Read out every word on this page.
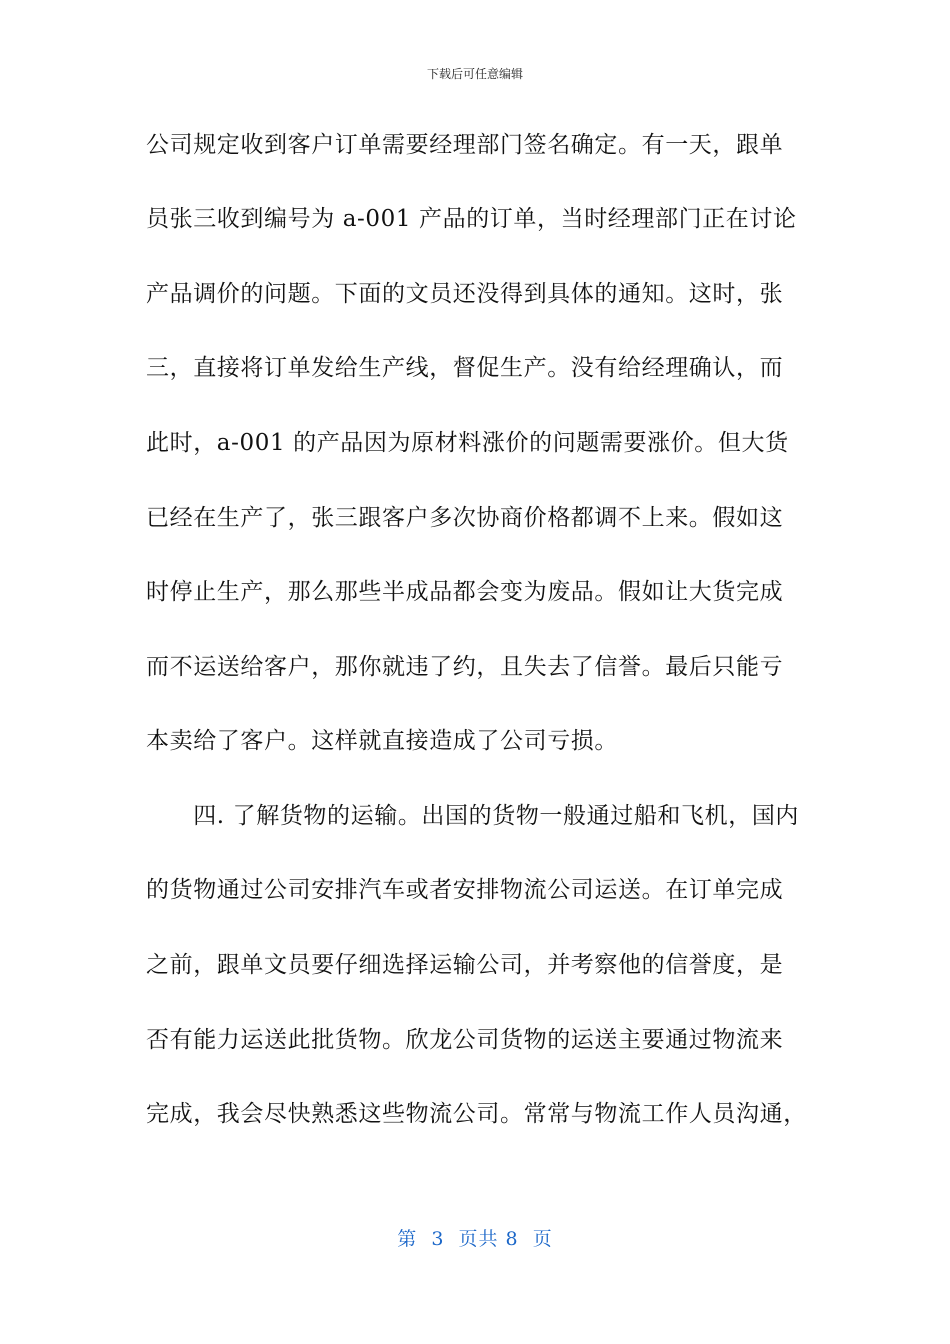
下载后可任意编辑
公司规定收到客户订单需要经理部门签名确定。有一天，跟单
员张三收到编号为 a-001 产品的订单，当时经理部门正在讨论
产品调价的问题。下面的文员还没得到具体的通知。这时，张
三，直接将订单发给生产线，督促生产。没有给经理确认，而
此时，a-001 的产品因为原材料涨价的问题需要涨价。但大货
已经在生产了，张三跟客户多次协商价格都调不上来。假如这
时停止生产，那么那些半成品都会变为废品。假如让大货完成
而不运送给客户，那你就违了约，且失去了信誉。最后只能亏
本卖给了客户。这样就直接造成了公司亏损。
　　四. 了解货物的运输。出国的货物一般通过船和飞机，国内
的货物通过公司安排汽车或者安排物流公司运送。在订单完成
之前，跟单文员要仔细选择运输公司，并考察他的信誉度，是
否有能力运送此批货物。欣龙公司货物的运送主要通过物流来
完成，我会尽快熟悉这些物流公司。常常与物流工作人员沟通，
第  3  页共 8  页
